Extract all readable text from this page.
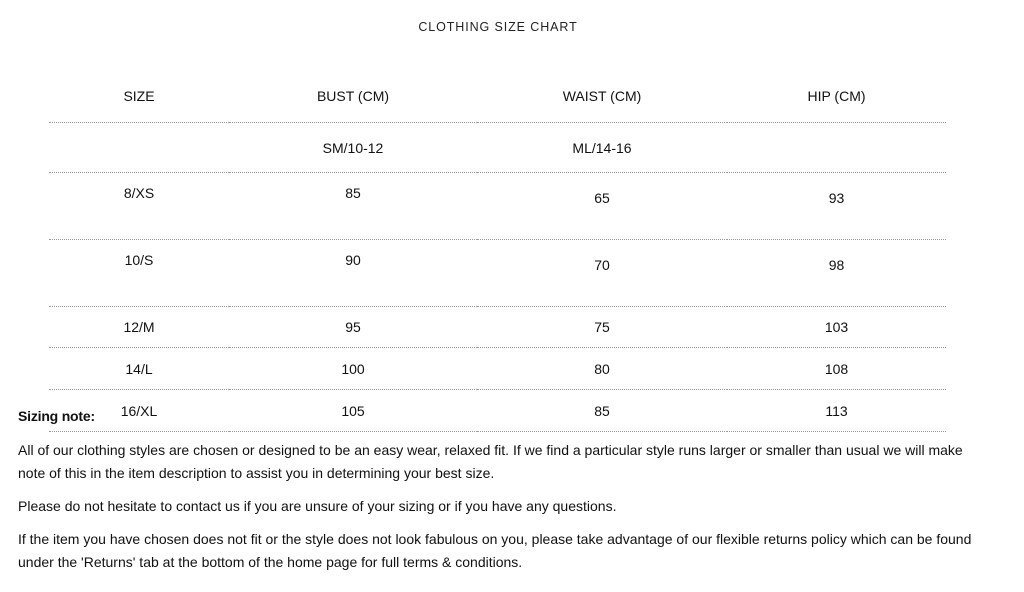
CLOTHING SIZE CHART
SIZE	BUST (CM)	WAIST (CM)	HIP (CM)
	SM/10-12	ML/14-16	
8/XS	85	65	93
10/S	90	70	98
12/M	95	75	103
14/L	100	80	108
16/XL	105	85	113
Sizing note:

All of our clothing styles are chosen or designed to be an easy wear, relaxed fit. If we find a particular style runs larger or smaller than usual we will make note of this in the item description to assist you in determining your best size.

Please do not hesitate to contact us if you are unsure of your sizing or if you have any questions.

If the item you have chosen does not fit or the style does not look fabulous on you, please take advantage of our flexible returns policy which can be found under the 'Returns' tab at the bottom of the home page for full terms & conditions.
